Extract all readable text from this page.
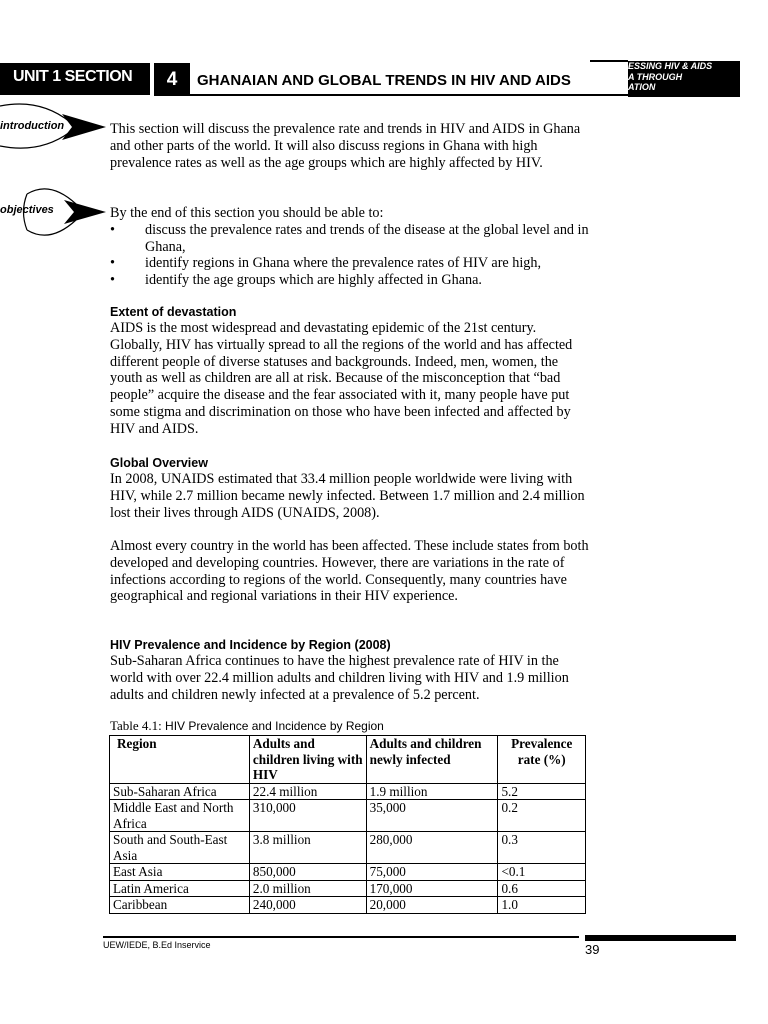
UNIT 1 SECTION	4	GHANAIAN AND GLOBAL TRENDS IN HIV AND AIDS
ESSING HIV & AIDS
A THROUGH
ATION
introduction
objectives

This section will discuss the prevalence rate and trends in HIV and AIDS in Ghana and other parts of the world. It will also discuss regions in Ghana with high prevalence rates as well as the age groups which are highly affected by HIV.

By the end of this section you should be able to:

• discuss the prevalence rates and trends of the disease at the global level and in Ghana,
• identify regions in Ghana where the prevalence rates of HIV are high,
• identify the age groups which are highly affected in Ghana.
Extent of devastation

AIDS is the most widespread and devastating epidemic of the 21st century. Globally, HIV has virtually spread to all the regions of the world and has affected different people of diverse statuses and backgrounds. Indeed, men, women, the youth as well as children are all at risk. Because of the misconception that “bad people” acquire the disease and the fear associated with it, many people have put some stigma and discrimination on those who have been infected and affected by HIV and AIDS.

Global Overview

In 2008, UNAIDS estimated that 33.4 million people worldwide were living with HIV, while 2.7 million became newly infected. Between 1.7 million and 2.4 million lost their lives through AIDS (UNAIDS, 2008).

Almost every country in the world has been affected. These include states from both developed and developing countries. However, there are variations in the rate of infections according to regions of the world. Consequently, many countries have geographical and regional variations in their HIV experience.

HIV Prevalence and Incidence by Region (2008)

Sub-Saharan Africa continues to have the highest prevalence rate of HIV in the world with over 22.4 million adults and children living with HIV and 1.9 million adults and children newly infected at a prevalence of 5.2 percent.

Table 4.1: HIV Prevalence and Incidence by Region
Region	Adults and children living with HIV	Adults and children newly infected	Prevalence rate (%)
Sub-Saharan Africa	22.4 million	1.9 million	5.2
Middle East and North Africa	310,000	35,000	0.2
South and South-East Asia	3.8 million	280,000	0.3
East Asia	850,000	75,000	<0.1
Latin America	2.0 million	170,000	0.6
Caribbean	240,000	20,000	1.0
UEW/IEDE, B.Ed Inservice	39
